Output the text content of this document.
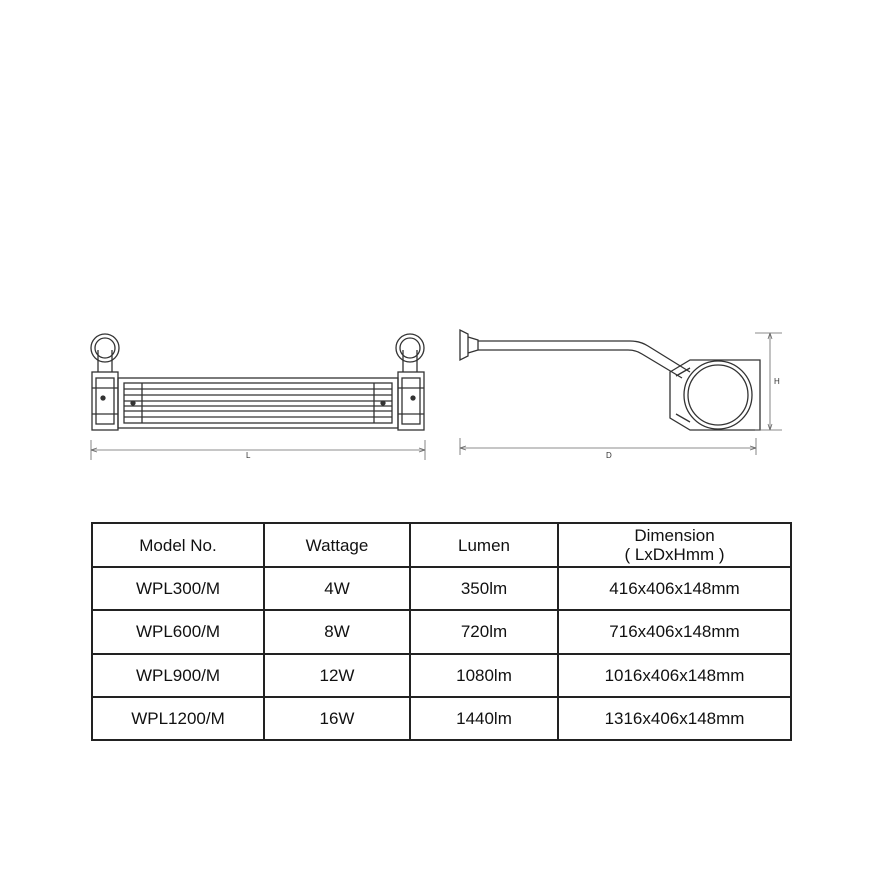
L
H
D
Model No.	Wattage	Lumen	Dimension
( LxDxHmm )

WPL300/M	4W	350lm	416x406x148mm
WPL600/M	8W	720lm	716x406x148mm
WPL900/M	12W	1080lm	1016x406x148mm
WPL1200/M	16W	1440lm	1316x406x148mm
